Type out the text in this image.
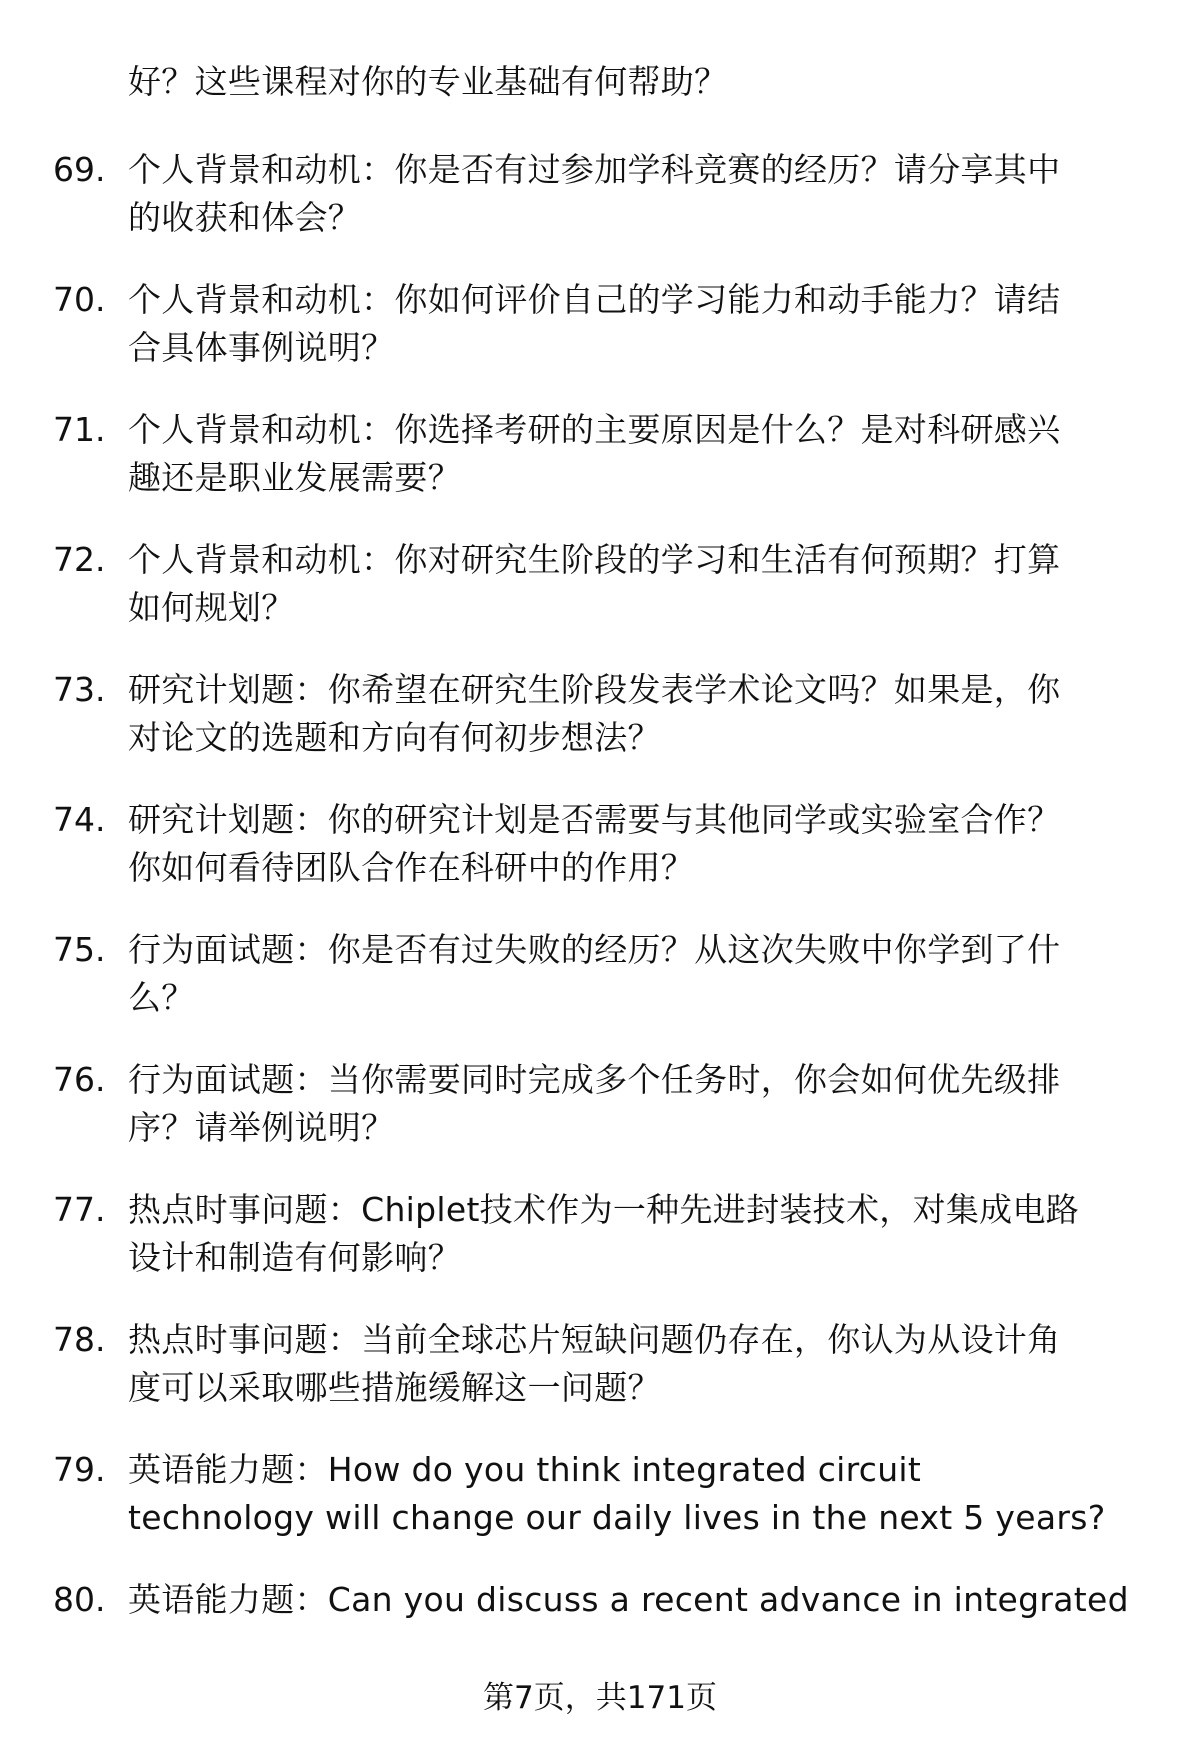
好？这些课程对你的专业基础有何帮助？
69. 个人背景和动机：你是否有过参加学科竞赛的经历？请分享其中
的收获和体会？
70. 个人背景和动机：你如何评价自己的学习能力和动手能力？请结
合具体事例说明？
71. 个人背景和动机：你选择考研的主要原因是什么？是对科研感兴
趣还是职业发展需要？
72. 个人背景和动机：你对研究生阶段的学习和生活有何预期？打算
如何规划？
73. 研究计划题：你希望在研究生阶段发表学术论文吗？如果是，你
对论文的选题和方向有何初步想法？
74. 研究计划题：你的研究计划是否需要与其他同学或实验室合作？
你如何看待团队合作在科研中的作用？
75. 行为面试题：你是否有过失败的经历？从这次失败中你学到了什
么？
76. 行为面试题：当你需要同时完成多个任务时，你会如何优先级排
序？请举例说明？
77. 热点时事问题：Chiplet技术作为一种先进封装技术，对集成电路
设计和制造有何影响？
78. 热点时事问题：当前全球芯片短缺问题仍存在，你认为从设计角
度可以采取哪些措施缓解这一问题？
79. 英语能力题：How do you think integrated circuit
technology will change our daily lives in the next 5 years?
80. 英语能力题：Can you discuss a recent advance in integrated
第7页，共171页
